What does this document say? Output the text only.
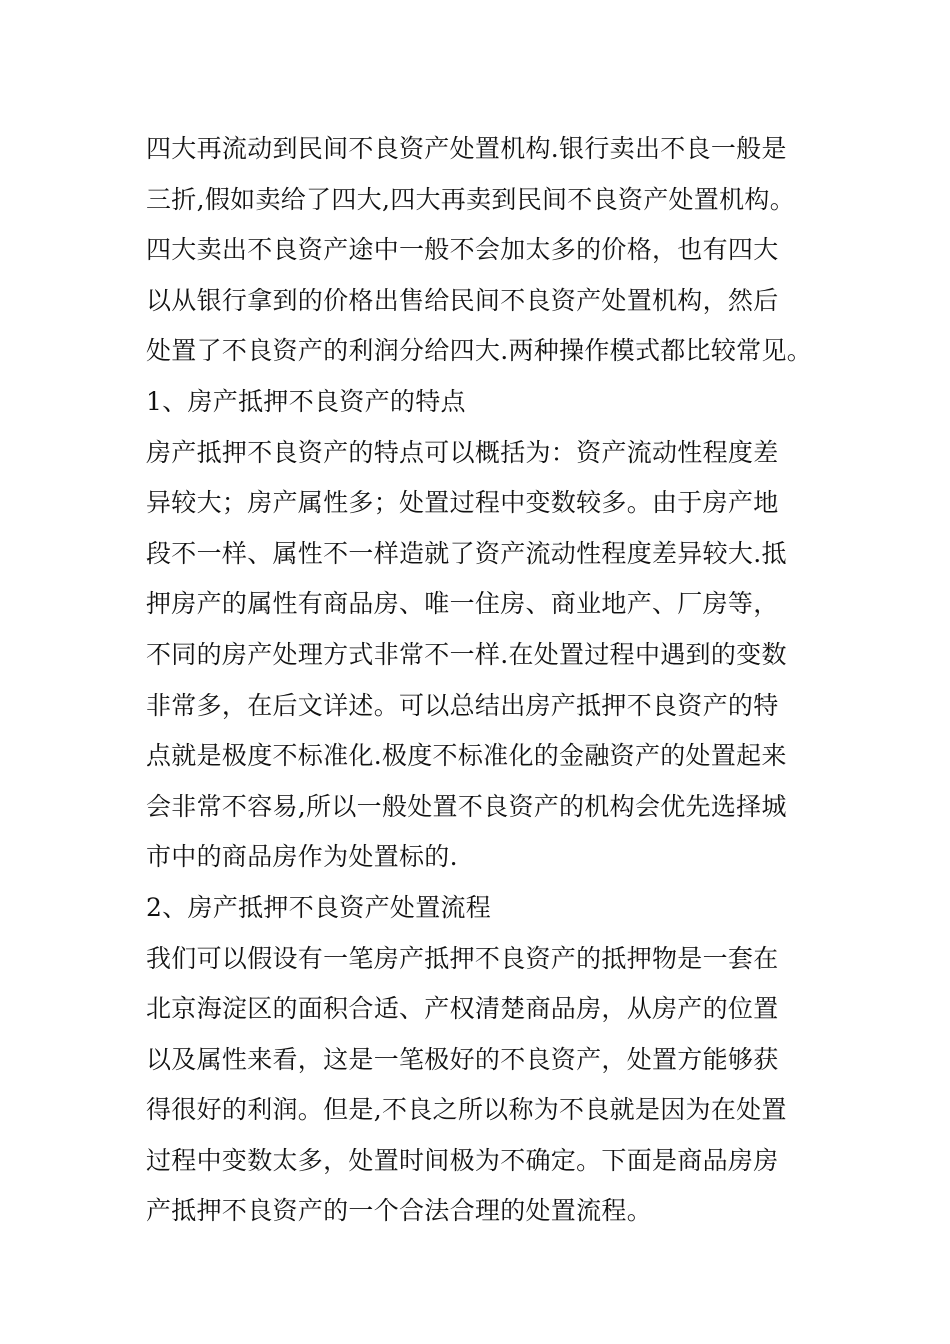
四大再流动到民间不良资产处置机构.银行卖出不良一般是
三折,假如卖给了四大,四大再卖到民间不良资产处置机构。
四大卖出不良资产途中一般不会加太多的价格，也有四大
以从银行拿到的价格出售给民间不良资产处置机构，然后
处置了不良资产的利润分给四大.两种操作模式都比较常见。
1、房产抵押不良资产的特点
房产抵押不良资产的特点可以概括为：资产流动性程度差
异较大；房产属性多；处置过程中变数较多。由于房产地
段不一样、属性不一样造就了资产流动性程度差异较大.抵
押房产的属性有商品房、唯一住房、商业地产、厂房等，
不同的房产处理方式非常不一样.在处置过程中遇到的变数
非常多，在后文详述。可以总结出房产抵押不良资产的特
点就是极度不标准化.极度不标准化的金融资产的处置起来
会非常不容易,所以一般处置不良资产的机构会优先选择城
市中的商品房作为处置标的.
2、房产抵押不良资产处置流程
我们可以假设有一笔房产抵押不良资产的抵押物是一套在
北京海淀区的面积合适、产权清楚商品房，从房产的位置
以及属性来看，这是一笔极好的不良资产，处置方能够获
得很好的利润。但是,不良之所以称为不良就是因为在处置
过程中变数太多，处置时间极为不确定。下面是商品房房
产抵押不良资产的一个合法合理的处置流程。
